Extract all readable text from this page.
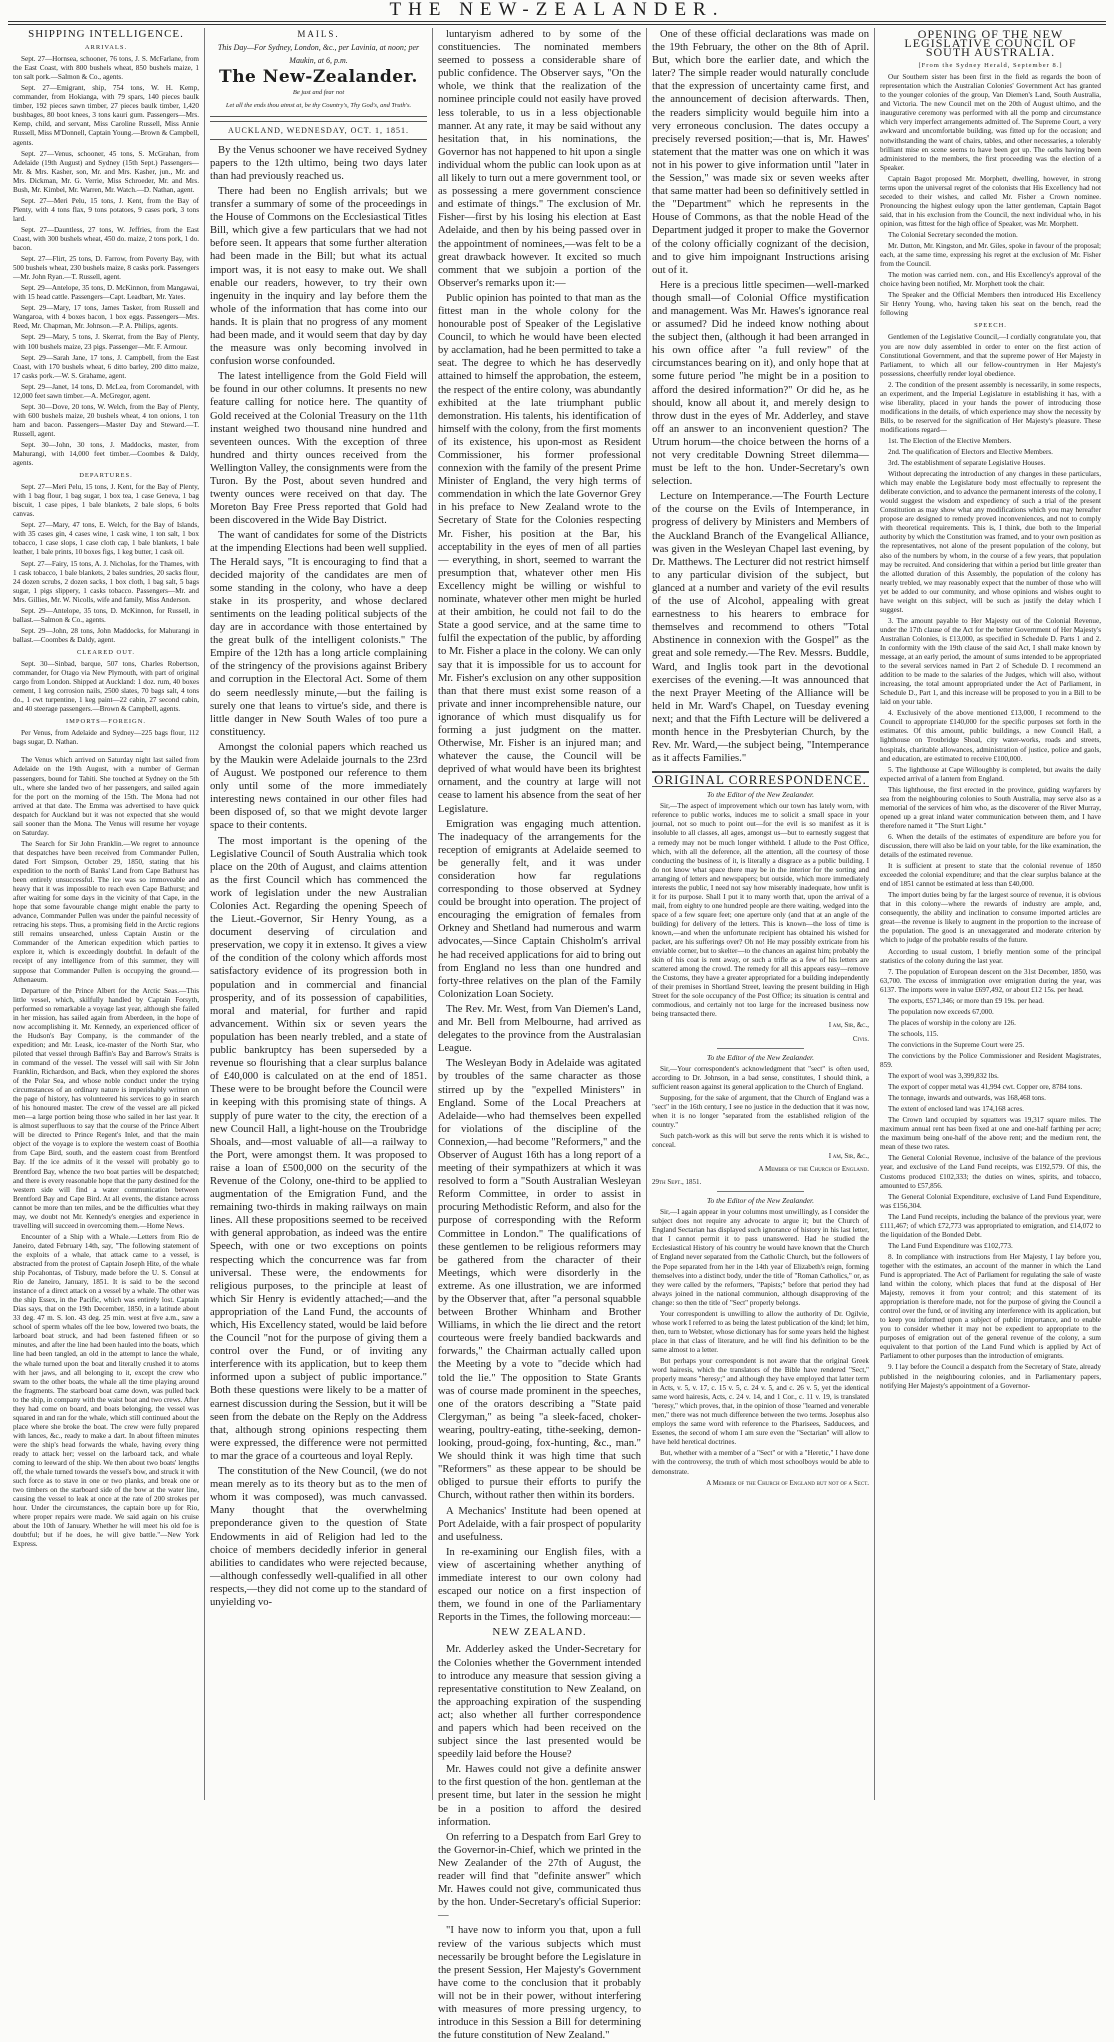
THE NEW-ZEALANDER.
SHIPPING INTELLIGENCE.
ARRIVALS.

Sept. 27—Hornsea, schooner, 76 tons, J. S. McFarlane, from the East Coast, with 800 bushels wheat, 850 bushels maize, 1 ton salt pork.—Salmon & Co., agents.

Sept. 27—Emigrant, ship, 754 tons, W. H. Kemp, commander, from Hokianga, with 79 spars, 140 pieces baulk timber, 192 pieces sawn timber, 27 pieces baulk timber, 1,420 bushbages, 80 boot knees, 3 tons kauri gum. Passengers—Mrs. Kemp, child, and servant, Miss Caroline Russell, Miss Annie Russell, Miss M'Donnell, Captain Young.—Brown & Campbell, agents.

Sept. 27—Venus, schooner, 45 tons, S. McGrahan, from Adelaide (19th August) and Sydney (15th Sept.) Passengers—Mr. & Mrs. Kasher, son, Mr. and Mrs. Kasher, jun., Mr. and Mrs. Dickman, Mr. G. Verrie, Miss Schroeder, Mr. and Mrs. Bush, Mr. Kimbel, Mr. Warren, Mr. Watch.—D. Nathan, agent.

Sept. 27—Meri Pelu, 15 tons, J. Kent, from the Bay of Plenty, with 4 tons flax, 9 tons potatoes, 9 cases pork, 3 tons lard.

Sept. 27—Dauntless, 27 tons, W. Jeffries, from the East Coast, with 300 bushels wheat, 450 do. maize, 2 tons pork, 1 do. bacon.

Sept. 27—Flirt, 25 tons, D. Farrow, from Poverty Bay, with 500 bushels wheat, 230 bushels maize, 8 casks pork. Passengers—Mr. John Ryan.—T. Russell, agent.

Sept. 29—Antelope, 35 tons, D. McKinnon, from Mangawai, with 15 head cattle. Passengers—Capt. Leadbart, Mr. Yates.

Sept. 29—Mary, 17 tons, James Tasker, from Russell and Wangaroa, with 4 boxes bacon, 1 box eggs. Passengers—Mrs. Reed, Mr. Chapman, Mr. Johnson.—P. A. Philips, agents.

Sept. 29—Mary, 5 tons, J. Skerrat, from the Bay of Plenty, with 100 bushels maize, 23 pigs. Passenger—Mr. F. Armour.

Sept. 29—Sarah Jane, 17 tons, J. Campbell, from the East Coast, with 170 bushels wheat, 6 ditto barley, 200 ditto maize, 17 casks pork.—W. S. Grahame, agent.

Sept. 29—Janet, 14 tons, D. McLea, from Coromandel, with 12,000 feet sawn timber.—A. McGregor, agent.

Sept. 30—Dove, 20 tons, W. Welch, from the Bay of Plenty, with 600 bushels maize, 20 bushels wheat, 4 ton onions, 1 ton ham and bacon. Passengers—Master Day and Steward.—T. Russell, agent.

Sept. 30—John, 30 tons, J. Maddocks, master, from Mahurangi, with 14,000 feet timber.—Coombes & Daldy, agents.

DEPARTURES.

Sept. 27—Meri Pelu, 15 tons, J. Kent, for the Bay of Plenty, with 1 bag flour, 1 bag sugar, 1 box tea, 1 case Geneva, 1 bag biscuit, 1 case pipes, 1 bale blankets, 2 bale slops, 6 bolts canvas.

Sept. 27—Mary, 47 tons, E. Welch, for the Bay of Islands, with 35 cases gin, 4 cases wine, 1 cask wine, 1 ton salt, 1 box tobacco, 1 case slops, 1 case cloth cap, 1 bale blankets, 1 bale leather, 1 bale prints, 10 boxes figs, 1 keg butter, 1 cask oil.

Sept. 27—Fairy, 15 tons, A. J. Nicholas, for the Thames, with 1 cask tobacco, 1 bale blankets, 2 bales sundries, 20 sacks flour, 24 dozen scrubs, 2 dozen sacks, 1 box cloth, 1 bag salt, 5 bags sugar, 1 pigs slippery, 1 casks tobacco. Passengers—Mr. and Mrs. Gillies, Mr. W. Nicolls, wife and family, Miss Anderson.

Sept. 29—Antelope, 35 tons, D. McKinnon, for Russell, in ballast.—Salmon & Co., agents.

Sept. 29—John, 28 tons, John Maddocks, for Mahurangi in ballast.—Coombes & Daldy, agent.

CLEARED OUT.

Sept. 30—Sinbad, barque, 507 tons, Charles Robertson, commander, for Otago via New Plymouth, with part of original cargo from London. Shipped at Auckland: 1 doz. rum, 40 boxes cement, 1 keg corrosion nails, 2500 slates, 70 bags salt, 4 tons do., 1 cwt turpentine, 1 keg paint—22 cabin, 27 second cabin, and 40 steerage passengers.—Brown & Campbell, agents.

IMPORTS—FOREIGN.

Per Venus, from Adelaide and Sydney—225 bags flour, 112 bags sugar, D. Nathan.

The Venus which arrived on Saturday night last sailed from Adelaide on the 19th August, with a number of German passengers, bound for Tahiti. She touched at Sydney on the 5th ult., where she landed two of her passengers, and sailed again for the port on the morning of the 15th. The Mona had not arrived at that date. The Emma was advertised to have quick despatch for Auckland but it was not expected that she would sail sooner than the Mona. The Venus will resume her voyage on Saturday.

The Search for Sir John Franklin.—We regret to announce that despatches have been received from Commander Pullen, dated Fort Simpson, October 29, 1850, stating that his expedition to the north of Banks' Land from Cape Bathurst has been entirely unsuccessful. The ice was so immoveable and heavy that it was impossible to reach even Cape Bathurst; and after waiting for some days in the vicinity of that Cape, in the hope that some favourable change might enable the party to advance, Commander Pullen was under the painful necessity of retracing his steps. Thus, a promising field in the Arctic regions still remains unsearched, unless Captain Austin or the Commander of the American expedition which parties to explore it, which is exceedingly doubtful. In default of the receipt of any intelligence from of this summer, they will suppose that Commander Pullen is occupying the ground.—Athenaeum.

Departure of the Prince Albert for the Arctic Seas.—This little vessel, which, skilfully handled by Captain Forsyth, performed so remarkable a voyage last year, although she failed in her mission, has sailed again from Aberdeen, in the hope of now accomplishing it. Mr. Kennedy, an experienced officer of the Hudson's Bay Company, is the commander of the expedition; and Mr. Leask, ice-master of the North Star, who piloted that vessel through Baffin's Bay and Barrow's Straits is in command of the vessel. The vessel will sail with Sir John Franklin, Richardson, and Back, when they explored the shores of the Polar Sea, and whose noble conduct under the trying circumstances of an ordinary nature is imperishably written on the page of history, has volunteered his services to go in search of his honoured master. The crew of the vessel are all picked men—a large portion being those who sailed in her last year. It is almost superfluous to say that the course of the Prince Albert will be directed to Prince Regent's Inlet, and that the main object of the voyage is to explore the western coast of Boothia from Cape Bird, south, and the eastern coast from Brentford Bay. If the ice admits of it the vessel will probably go to Brentford Bay, whence the two boat parties will be despatched; and there is every reasonable hope that the party destined for the western side will find a water communication between Brentford Bay and Cape Bird. At all events, the distance across cannot be more than ten miles, and be the difficulties what they may, we doubt not Mr. Kennedy's energies and experience in travelling will succeed in overcoming them.—Home News.

Encounter of a Ship with a Whale.—Letters from Rio de Janeiro, dated February 14th, say, "The following statement of the exploits of a whale, that attack came to a vessel, is abstracted from the protest of Captain Joseph Hite, of the whale ship Pocahontas, of Tisbury, made before the U. S. Consul at Rio de Janeiro, January, 1851. It is said to be the second instance of a direct attack on a vessel by a whale. The other was the ship Essex, in the Pacific, which was entirely lost. Captain Dias says, that on the 19th December, 1850, in a latitude about 33 deg. 47 m. S. lon. 43 deg. 25 min. west at five a.m., saw a school of sperm whales off the lee bow, lowered two boats, the larboard boat struck, and had been fastened fifteen or so minutes, and after the line had been hauled into the boats, which line had been tangled, an old in the attempt to lance the whale, the whale turned upon the boat and literally crushed it to atoms with her jaws, and all belonging to it, except the crew who swam to the other boats, the whale all the time playing around the fragments. The starboard boat came down, was pulled back to the ship, in company with the waist boat and two crews. After they had come on board, and boats belonging, the vessel was squared in and ran for the whale, which still continued about the place where she broke the boat. The crew were fully prepared with lances, &c., ready to make a dart. In about fifteen minutes were the ship's head forwards the whale, having every thing ready to attack her; vessel on the larboard tack, and whale coming to leeward of the ship. We then about two boats' lengths off, the whale turned towards the vessel's bow, and struck it with such force as to stave in one or two planks, and break one or two timbers on the starboard side of the bow at the water line, causing the vessel to leak at once at the rate of 200 strokes per hour. Under the circumstances, the captain bore up for Rio, where proper repairs were made. We said again on his cruise about the 10th of January. Whether he will meet his old foe is doubtful; but if he does, he will give battle."—New York Express.

MAILS.
This Day—For Sydney, London, &c., per Lavinia, at noon; per Maukin, at 6, p.m.
The New-Zealander.
Be just and fear not
Let all the ends thou aimst at, be thy Country's, Thy God's, and Truth's.
AUCKLAND, WEDNESDAY, OCT. 1, 1851.

By the Venus schooner we have received Sydney papers to the 12th ultimo, being two days later than had previously reached us.

There had been no English arrivals; but we transfer a summary of some of the proceedings in the House of Commons on the Ecclesiastical Titles Bill, which give a few particulars that we had not before seen. It appears that some further alteration had been made in the Bill; but what its actual import was, it is not easy to make out. We shall enable our readers, however, to try their own ingenuity in the inquiry and lay before them the whole of the information that has come into our hands. It is plain that no progress of any moment had been made, and it would seem that day by day the measure was only becoming involved in confusion worse confounded.

The latest intelligence from the Gold Field will be found in our other columns. It presents no new feature calling for notice here. The quantity of Gold received at the Colonial Treasury on the 11th instant weighed two thousand nine hundred and seventeen ounces. With the exception of three hundred and thirty ounces received from the Wellington Valley, the consignments were from the Turon. By the Post, about seven hundred and twenty ounces were received on that day. The Moreton Bay Free Press reported that Gold had been discovered in the Wide Bay District.

The want of candidates for some of the Districts at the impending Elections had been well supplied. The Herald says, "It is encouraging to find that a decided majority of the candidates are men of some standing in the colony, who have a deep stake in its prosperity, and whose declared sentiments on the leading political subjects of the day are in accordance with those entertained by the great bulk of the intelligent colonists." The Empire of the 12th has a long article complaining of the stringency of the provisions against Bribery and corruption in the Electoral Act. Some of them do seem needlessly minute,—but the failing is surely one that leans to virtue's side, and there is little danger in New South Wales of too pure a constituency.

Amongst the colonial papers which reached us by the Maukin were Adelaide journals to the 23rd of August. We postponed our reference to them only until some of the more immediately interesting news contained in our other files had been disposed of, so that we might devote larger space to their contents.

The most important is the opening of the Legislative Council of South Australia which took place on the 20th of August, and claims attention as the first Council which has commenced the work of legislation under the new Australian Colonies Act. Regarding the opening Speech of the Lieut.-Governor, Sir Henry Young, as a document deserving of circulation and preservation, we copy it in extenso. It gives a view of the condition of the colony which affords most satisfactory evidence of its progression both in population and in commercial and financial prosperity, and of its possession of capabilities, moral and material, for further and rapid advancement. Within six or seven years the population has been nearly trebled, and a state of public bankruptcy has been superseded by a revenue so flourishing that a clear surplus balance of £40,000 is calculated on at the end of 1851. These were to be brought before the Council were in keeping with this promising state of things. A supply of pure water to the city, the erection of a new Council Hall, a light-house on the Troubridge Shoals, and—most valuable of all—a railway to the Port, were amongst them. It was proposed to raise a loan of £500,000 on the security of the Revenue of the Colony, one-third to be applied to augmentation of the Emigration Fund, and the remaining two-thirds in making railways on main lines. All these propositions seemed to be received with general approbation, as indeed was the entire Speech, with one or two exceptions on points respecting which the concurrence was far from universal. These were, the endowments for religious purposes, to the principle at least of which Sir Henry is evidently attached;—and the appropriation of the Land Fund, the accounts of which, His Excellency stated, would be laid before the Council "not for the purpose of giving them a control over the Fund, or of inviting any interference with its application, but to keep them informed upon a subject of public importance." Both these questions were likely to be a matter of earnest discussion during the Session, but it will be seen from the debate on the Reply on the Address that, although strong opinions respecting them were expressed, the difference were not permitted to mar the grace of a courteous and loyal Reply.

The constitution of the New Council, (we do not mean merely as to its theory but as to the men of whom it was composed), was much canvassed. Many thought that the overwhelming preponderance given to the question of State Endowments in aid of Religion had led to the choice of members decidedly inferior in general abilities to candidates who were rejected because,—although confessedly well-qualified in all other respects,—they did not come up to the standard of unyielding vo-

luntaryism adhered to by some of the constituencies. The nominated members seemed to possess a considerable share of public confidence. The Observer says, "On the whole, we think that the realization of the nominee principle could not easily have proved less tolerable, to us in a less objectionable manner. At any rate, it may be said without any hesitation that, in his nominations, the Governor has not happened to hit upon a single individual whom the public can look upon as at all likely to turn out a mere government tool, or as possessing a mere government conscience and estimate of things." The exclusion of Mr. Fisher—first by his losing his election at East Adelaide, and then by his being passed over in the appointment of nominees,—was felt to be a great drawback however. It excited so much comment that we subjoin a portion of the Observer's remarks upon it:—

Public opinion has pointed to that man as the fittest man in the whole colony for the honourable post of Speaker of the Legislative Council, to which he would have been elected by acclamation, had he been permitted to take a seat. The degree to which he has deservedly attained to himself the approbation, the esteem, the respect of the entire colony, was abundantly exhibited at the late triumphant public demonstration. His talents, his identification of himself with the colony, from the first moments of its existence, his upon-most as Resident Commissioner, his former professional connexion with the family of the present Prime Minister of England, the very high terms of commendation in which the late Governor Grey in his preface to New Zealand wrote to the Secretary of State for the Colonies respecting Mr. Fisher, his position at the Bar, his acceptability in the eyes of men of all parties — everything, in short, seemed to warrant the presumption that, whatever other men His Excellency might be willing or wishful to nominate, whatever other men might be hurled at their ambition, he could not fail to do the State a good service, and at the same time to fulfil the expectation of the public, by affording to Mr. Fisher a place in the colony. We can only say that it is impossible for us to account for Mr. Fisher's exclusion on any other supposition than that there must exist some reason of a private and inner incomprehensible nature, our ignorance of which must disqualify us for forming a just judgment on the matter. Otherwise, Mr. Fisher is an injured man; and whatever the cause, the Council will be deprived of what would have been its brightest ornament, and the country at large will not cease to lament his absence from the seat of her Legislature.

Emigration was engaging much attention. The inadequacy of the arrangements for the reception of emigrants at Adelaide seemed to be generally felt, and it was under consideration how far regulations corresponding to those observed at Sydney could be brought into operation. The project of encouraging the emigration of females from Orkney and Shetland had numerous and warm advocates,—Since Captain Chisholm's arrival he had received applications for aid to bring out from England no less than one hundred and forty-three relatives on the plan of the Family Colonization Loan Society.

The Rev. Mr. West, from Van Diemen's Land, and Mr. Bell from Melbourne, had arrived as delegates to the province from the Australasian League.

The Wesleyan Body in Adelaide was agitated by troubles of the same character as those stirred up by the "expelled Ministers" in England. Some of the Local Preachers at Adelaide—who had themselves been expelled for violations of the discipline of the Connexion,—had become "Reformers," and the Observer of August 16th has a long report of a meeting of their sympathizers at which it was resolved to form a "South Australian Wesleyan Reform Committee, in order to assist in procuring Methodistic Reform, and also for the purpose of corresponding with the Reform Committee in London." The qualifications of these gentlemen to be religious reformers may be gathered from the character of their Meetings, which were disorderly in the extreme. As one illustration, we are informed by the Observer that, after "a personal squabble between Brother Whinham and Brother Williams, in which the lie direct and the retort courteous were freely bandied backwards and forwards," the Chairman actually called upon the Meeting by a vote to "decide which had told the lie." The opposition to State Grants was of course made prominent in the speeches, one of the orators describing a "State paid Clergyman," as being "a sleek-faced, choker-wearing, poultry-eating, tithe-seeking, demon-looking, proud-going, fox-hunting, &c., man." We should think it was high time that such "Reformers" as these appear to be should be obliged to pursue their efforts to purify the Church, without rather then within its borders.

A Mechanics' Institute had been opened at Port Adelaide, with a fair prospect of popularity and usefulness.

In re-examining our English files, with a view of ascertaining whether anything of immediate interest to our own colony had escaped our notice on a first inspection of them, we found in one of the Parliamentary Reports in the Times, the following morceau:—

NEW ZEALAND.

Mr. Adderley asked the Under-Secretary for the Colonies whether the Government intended to introduce any measure that session giving a representative constitution to New Zealand, on the approaching expiration of the suspending act; also whether all further correspondence and papers which had been received on the subject since the last presented would be speedily laid before the House?

Mr. Hawes could not give a definite answer to the first question of the hon. gentleman at the present time, but later in the session he might be in a position to afford the desired information.

On referring to a Despatch from Earl Grey to the Governor-in-Chief, which we printed in the New Zealander of the 27th of August, the reader will find that "definite answer" which Mr. Hawes could not give, communicated thus by the hon. Under-Secretary's official Superior:—

"I have now to inform you that, upon a full review of the various subjects which must necessarily be brought before the Legislature in the present Session, Her Majesty's Government have come to the conclusion that it probably will not be in their power, without interfering with measures of more pressing urgency, to introduce in this Session a Bill for determining the future constitution of New Zealand."

One of these official declarations was made on the 19th February, the other on the 8th of April. But, which bore the earlier date, and which the later? The simple reader would naturally conclude that the expression of uncertainty came first, and the announcement of decision afterwards. Then, the readers simplicity would beguile him into a very erroneous conclusion. The dates occupy a precisely reversed position;—that is, Mr. Hawes' statement that the matter was one on which it was not in his power to give information until "later in the Session," was made six or seven weeks after that same matter had been so definitively settled in the "Department" which he represents in the House of Commons, as that the noble Head of the Department judged it proper to make the Governor of the colony officially cognizant of the decision, and to give him impoignant Instructions arising out of it.

Here is a precious little specimen—well-marked though small—of Colonial Office mystification and management. Was Mr. Hawes's ignorance real or assumed? Did he indeed know nothing about the subject then, (although it had been arranged in his own office after "a full review" of the circumstances bearing on it), and only hope that at some future period "he might be in a position to afford the desired information?" Or did he, as he should, know all about it, and merely design to throw dust in the eyes of Mr. Adderley, and stave off an answer to an inconvenient question? The Utrum horum—the choice between the horns of a not very creditable Downing Street dilemma—must be left to the hon. Under-Secretary's own selection.

Lecture on Intemperance.—The Fourth Lecture of the course on the Evils of Intemperance, in progress of delivery by Ministers and Members of the Auckland Branch of the Evangelical Alliance, was given in the Wesleyan Chapel last evening, by Dr. Matthews. The Lecturer did not restrict himself to any particular division of the subject, but glanced at a number and variety of the evil results of the use of Alcohol, appealing with great earnestness to his hearers to embrace for themselves and recommend to others "Total Abstinence in connexion with the Gospel" as the great and sole remedy.—The Rev. Messrs. Buddle, Ward, and Inglis took part in the devotional exercises of the evening.—It was announced that the next Prayer Meeting of the Alliance will be held in Mr. Ward's Chapel, on Tuesday evening next; and that the Fifth Lecture will be delivered a month hence in the Presbyterian Church, by the Rev. Mr. Ward,—the subject being, "Intemperance as it affects Families."

ORIGINAL CORRESPONDENCE.
To the Editor of the New Zealander.

Sir,—The aspect of improvement which our town has lately worn, with reference to public works, induces me to solicit a small space in your journal, not so much to point out—for the evil is so manifest as it is insoluble to all classes, all ages, amongst us—but to earnestly suggest that a remedy may not be much longer withheld. I allude to the Post Office, which, with all the deference, all the attention, all the courtesy of those conducting the business of it, is literally a disgrace as a public building. I do not know what space there may be in the interior for the sorting and arranging of letters and newspapers; but outside, which more immediately interests the public, I need not say how miserably inadequate, how unfit is it for its purpose. Shall I put it to many worth that, upon the arrival of a mail, from eighty to one hundred people are there waiting, wedged into the space of a few square feet; one aperture only (and that at an angle of the building) for delivery of the letters. This is known—the loss of time is known,—and when the unfortunate recipient has obtained his wished for packet, are his sufferings over? Oh no! He may possibly extricate from his enviable corner, but to skelter—to the chances an against him; probably the skin of his coat is rent away, or such a trifle as a few of his letters are scattered among the crowd. The remedy for all this appears easy—remove the Customs, they have a greater appropriated for a building independently of their premises in Shortland Street, leaving the present building in High Street for the sole occupancy of the Post Office; its situation is central and commodious, and certainly not too large for the increased business now being transacted there.

I am, Sir, &c.,
Civis.
To the Editor of the New Zealander.

Sir,—Your correspondent's acknowledgment that "sect" is often used, according to Dr. Johnson, in a bad sense, constitutes, I should think, a sufficient reason against its general application to the Church of England.

Supposing, for the sake of argument, that the Church of England was a "sect" in the 16th century, I see no justice in the deduction that it was now, when it is no longer "separated from the established religion of the country."

Such patch-work as this will but serve the rents which it is wished to conceal.

I am, Sir, &c.,
A Member of the Church of England.
29th Sept., 1851.
To the Editor of the New Zealander.

Sir,—I again appear in your columns most unwillingly, as I consider the subject does not require any advocate to argue it; but the Church of England Sectarian has displayed such ignorance of history in his last letter, that I cannot permit it to pass unanswered. Had he studied the Ecclesiastical History of his country he would have known that the Church of England never separated from the Catholic Church, but the followers of the Pope separated from her in the 14th year of Elizabeth's reign, forming themselves into a distinct body, under the title of "Roman Catholics," or, as they were called by the reformers, "Papists;" before that period they had always joined in the national communion, although disapproving of the change: so then the title of "Sect" properly belongs.

Your correspondent is unwilling to allow the authority of Dr. Ogilvie, whose work I referred to as being the latest publication of the kind; let him, then, turn to Webster, whose dictionary has for some years held the highest place in that class of literature, and he will find his definition to be the same almost to a letter.

But perhaps your correspondent is not aware that the original Greek word hairesis, which the translators of the Bible have rendered "Sect," properly means "heresy;" and although they have employed that latter term in Acts, v. 5, v. 17, c. 15 v. 5, c. 24 v. 5, and c. 26 v. 5, yet the identical same word hairesis, Acts, c. 24 v. 14, and 1 Cor., c. 11 v. 19, is translated "heresy," which proves, that, in the opinion of those "learned and venerable men," there was not much difference between the two terms. Josephus also employs the same word with reference to the Pharisees, Sadducees, and Essenes, the second of whom I am sure even the "Sectarian" will allow to have held heretical doctrines.

But, whether with a member of a "Sect" or with a "Heretic," I have done with the controversy, the truth of which most schoolboys would be able to demonstrate.

A Member of the Church of England but not of a Sect.
OPENING OF THE NEW LEGISLATIVE COUNCIL OF SOUTH AUSTRALIA.
[From the Sydney Herald, September 8.]

Our Southern sister has been first in the field as regards the boon of representation which the Australian Colonies' Government Act has granted to the younger colonies of the group, Van Diemen's Land, South Australia, and Victoria. The new Council met on the 20th of August ultimo, and the inaugurative ceremony was performed with all the pomp and circumstance which very imperfect arrangements admitted of. The Supreme Court, a very awkward and uncomfortable building, was fitted up for the occasion; and notwithstanding the want of chairs, tables, and other necessaries, a tolerably brilliant mise en scene seems to have been got up. The oaths having been administered to the members, the first proceeding was the election of a Speaker.

Captain Bagot proposed Mr. Morphett, dwelling, however, in strong terms upon the universal regret of the colonists that His Excellency had not seceded to their wishes, and called Mr. Fisher a Crown nominee. Pronouncing the highest eulogy upon the latter gentleman, Captain Bagot said, that in his exclusion from the Council, the next individual who, in his opinion, was fittest for the high office of Speaker, was Mr. Morphett.

The Colonial Secretary seconded the motion.

Mr. Dutton, Mr. Kingston, and Mr. Giles, spoke in favour of the proposal; each, at the same time, expressing his regret at the exclusion of Mr. Fisher from the Council.

The motion was carried nem. con., and His Excellency's approval of the choice having been notified, Mr. Morphett took the chair.

The Speaker and the Official Members then introduced His Excellency Sir Henry Young, who, having taken his seat on the bench, read the following

SPEECH.

Gentlemen of the Legislative Council,—I cordially congratulate you, that you are now duly assembled in order to enter on the first action of Constitutional Government, and that the supreme power of Her Majesty in Parliament, to which all our fellow-countrymen in Her Majesty's possessions, cheerfully render loyal obedience.

2. The condition of the present assembly is necessarily, in some respects, an experiment, and the Imperial Legislature in establishing it has, with a wise liberality, placed in your hands the power of introducing those modifications in the details, of which experience may show the necessity by Bills, to be reserved for the signification of Her Majesty's pleasure. These modifications regard—

1st. The Election of the Elective Members.

2nd. The qualification of Electors and Elective Members.

3rd. The establishment of separate Legislative Houses.

Without deprecating the introduction of any changes in these particulars, which may enable the Legislature body most effectually to represent the deliberate conviction, and to advance the permanent interests of the colony, I would suggest the wisdom and expediency of such a trial of the present Constitution as may show what any modifications which you may hereafter propose are designed to remedy proved inconveniences, and not to comply with theoretical requirements. This is, I think, due both to the Imperial authority by which the Constitution was framed, and to your own position as the representatives, not alone of the present population of the colony, but also of the numbers by whom, in the course of a few years, that population may be recruited. And considering that within a period but little greater than the allotted duration of this Assembly, the population of the colony has nearly trebled, we may reasonably expect that the number of those who will yet be added to our community, and whose opinions and wishes ought to have weight on this subject, will be such as justify the delay which I suggest.

3. The amount payable to Her Majesty out of the Colonial Revenue, under the 17th clause of the Act for the better Government of Her Majesty's Australian Colonies, is £13,000, as specified in Schedule D. Parts 1 and 2. In conformity with the 19th clause of the said Act, I shall make known by message, at an early period, the amount of sums intended to be appropriated to the several services named in Part 2 of Schedule D. I recommend an addition to be made to the salaries of the Judges, which will also, without increasing, the total amount appropriated under the Act of Parliament, in Schedule D., Part 1, and this increase will be proposed to you in a Bill to be laid on your table.

4. Exclusively of the above mentioned £13,000, I recommend to the Council to appropriate £140,000 for the specific purposes set forth in the estimates. Of this amount, public buildings, a new Council Hall, a lighthouse on Troubridge Shoal, city water-works, roads and streets, hospitals, charitable allowances, administration of justice, police and gaols, and education, are estimated to receive £100,000.

5. The lighthouse at Cape Willoughby is completed, but awaits the daily expected arrival of a lantern from England.

This lighthouse, the first erected in the province, guiding wayfarers by sea from the neighbouring colonies to South Australia, may serve also as a memorial of the services of him who, as the discoverer of the River Murray, opened up a great inland water communication between them, and I have therefore named it "The Sturt Light."

6. When the details of the estimates of expenditure are before you for discussion, there will also be laid on your table, for the like examination, the details of the estimated revenue.

It is sufficient at present to state that the colonial revenue of 1850 exceeded the colonial expenditure; and that the clear surplus balance at the end of 1851 cannot be estimated at less than £40,000.

The import duties being by far the largest source of revenue, it is obvious that in this colony—where the rewards of industry are ample, and, consequently, the ability and inclination to consume imported articles are great—the revenue is likely to augment in the proportion to the increase of the population. The good is an unexaggerated and moderate criterion by which to judge of the probable results of the future.

According to usual custom, I briefly mention some of the principal statistics of the colony during the last year.

7. The population of European descent on the 31st December, 1850, was 63,700. The excess of immigration over emigration during the year, was 6137. The imports were in value £697,492, or about £12 15s. per head.

The exports, £571,346; or more than £9 19s. per head.

The population now exceeds 67,000.

The places of worship in the colony are 126.

The schools, 115.

The convictions in the Supreme Court were 25.

The convictions by the Police Commissioner and Resident Magistrates, 859.

The export of wool was 3,399,832 lbs.

The export of copper metal was 41,994 cwt. Copper ore, 8784 tons.

The tonnage, inwards and outwards, was 168,468 tons.

The extent of enclosed land was 174,168 acres.

The Crown land occupied by squatters was 19,317 square miles. The maximum annual rent has been fixed at one and one-half farthing per acre; the maximum being one-half of the above rent; and the medium rent, the mean of these two rates.

The General Colonial Revenue, inclusive of the balance of the previous year, and exclusive of the Land Fund receipts, was £192,579. Of this, the Customs produced £102,333; the duties on wines, spirits, and tobacco, amounted to £57,856.

The General Colonial Expenditure, exclusive of Land Fund Expenditure, was £156,304.

The Land Fund receipts, including the balance of the previous year, were £111,467; of which £72,773 was appropriated to emigration, and £14,072 to the liquidation of the Bonded Debt.

The Land Fund Expenditure was £102,773.

8. In compliance with instructions from Her Majesty, I lay before you, together with the estimates, an account of the manner in which the Land Fund is appropriated. The Act of Parliament for regulating the sale of waste land within the colony, which places that fund at the disposal of Her Majesty, removes it from your control; and this statement of its appropriation is therefore made, not for the purpose of giving the Council a control over the fund, or of inviting any interference with its application, but to keep you informed upon a subject of public importance, and to enable you to consider whether it may not be expedient to appropriate to the purposes of emigration out of the general revenue of the colony, a sum equivalent to that portion of the Land Fund which is applied by Act of Parliament to other purposes than the introduction of emigrants.

9. I lay before the Council a despatch from the Secretary of State, already published in the neighbouring colonies, and in Parliamentary papers, notifying Her Majesty's appointment of a Governor-
